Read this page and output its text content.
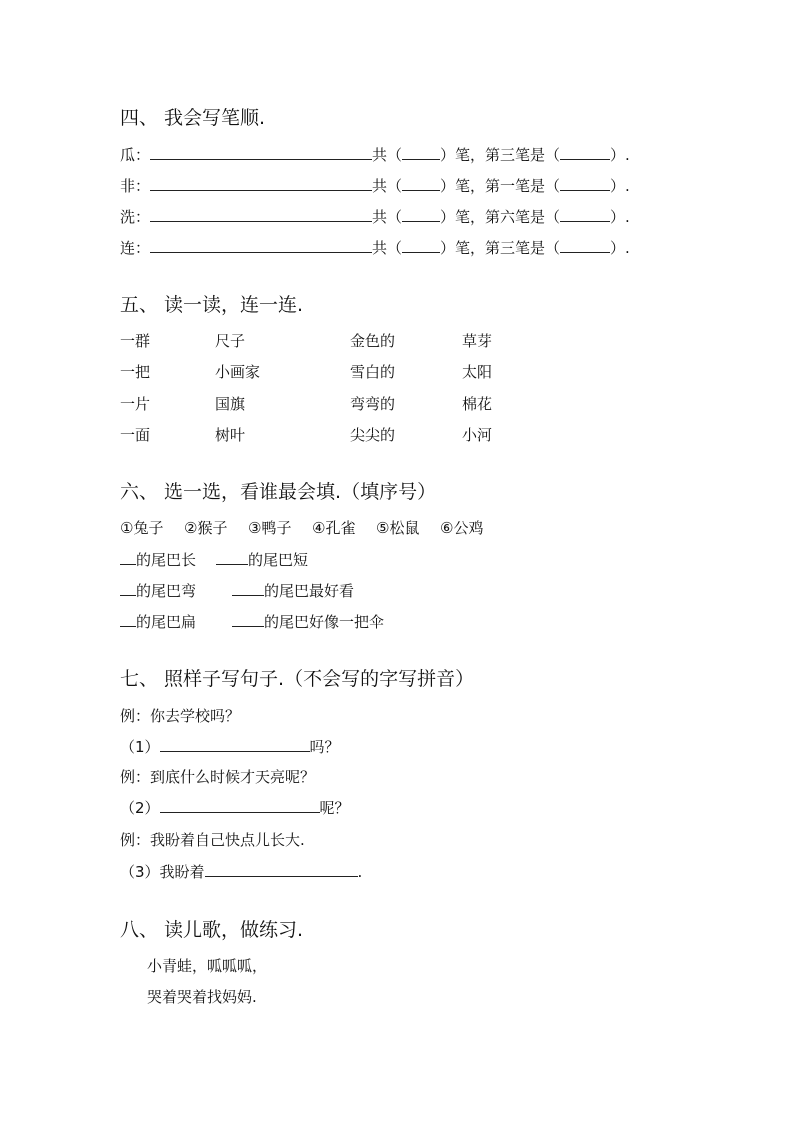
四、 我会写笔顺.
瓜：	共（	）笔，第三笔是（	）.
非：	共（	）笔，第一笔是（	）.
洗：	共（	）笔，第六笔是（	）.
连：	共（	）笔，第三笔是（	）.
五、 读一读，连一连.
一群	尺子	金色的	草芽
一把	小画家	雪白的	太阳
一片	国旗	弯弯的	棉花
一面	树叶	尖尖的	小河
六、 选一选，看谁最会填.（填序号）
①兔子 ②猴子 ③鸭子 ④孔雀 ⑤松鼠 ⑥公鸡
的尾巴长	的尾巴短
的尾巴弯	的尾巴最好看
的尾巴扁	的尾巴好像一把伞
七、 照样子写句子.（不会写的字写拼音）
例：你去学校吗？
（1）	吗？
例：到底什么时候才天亮呢？
（2）	呢？
例：我盼着自己快点儿长大.
（3）我盼着	.
八、 读儿歌，做练习.
小青蛙，呱呱呱，
哭着哭着找妈妈.
